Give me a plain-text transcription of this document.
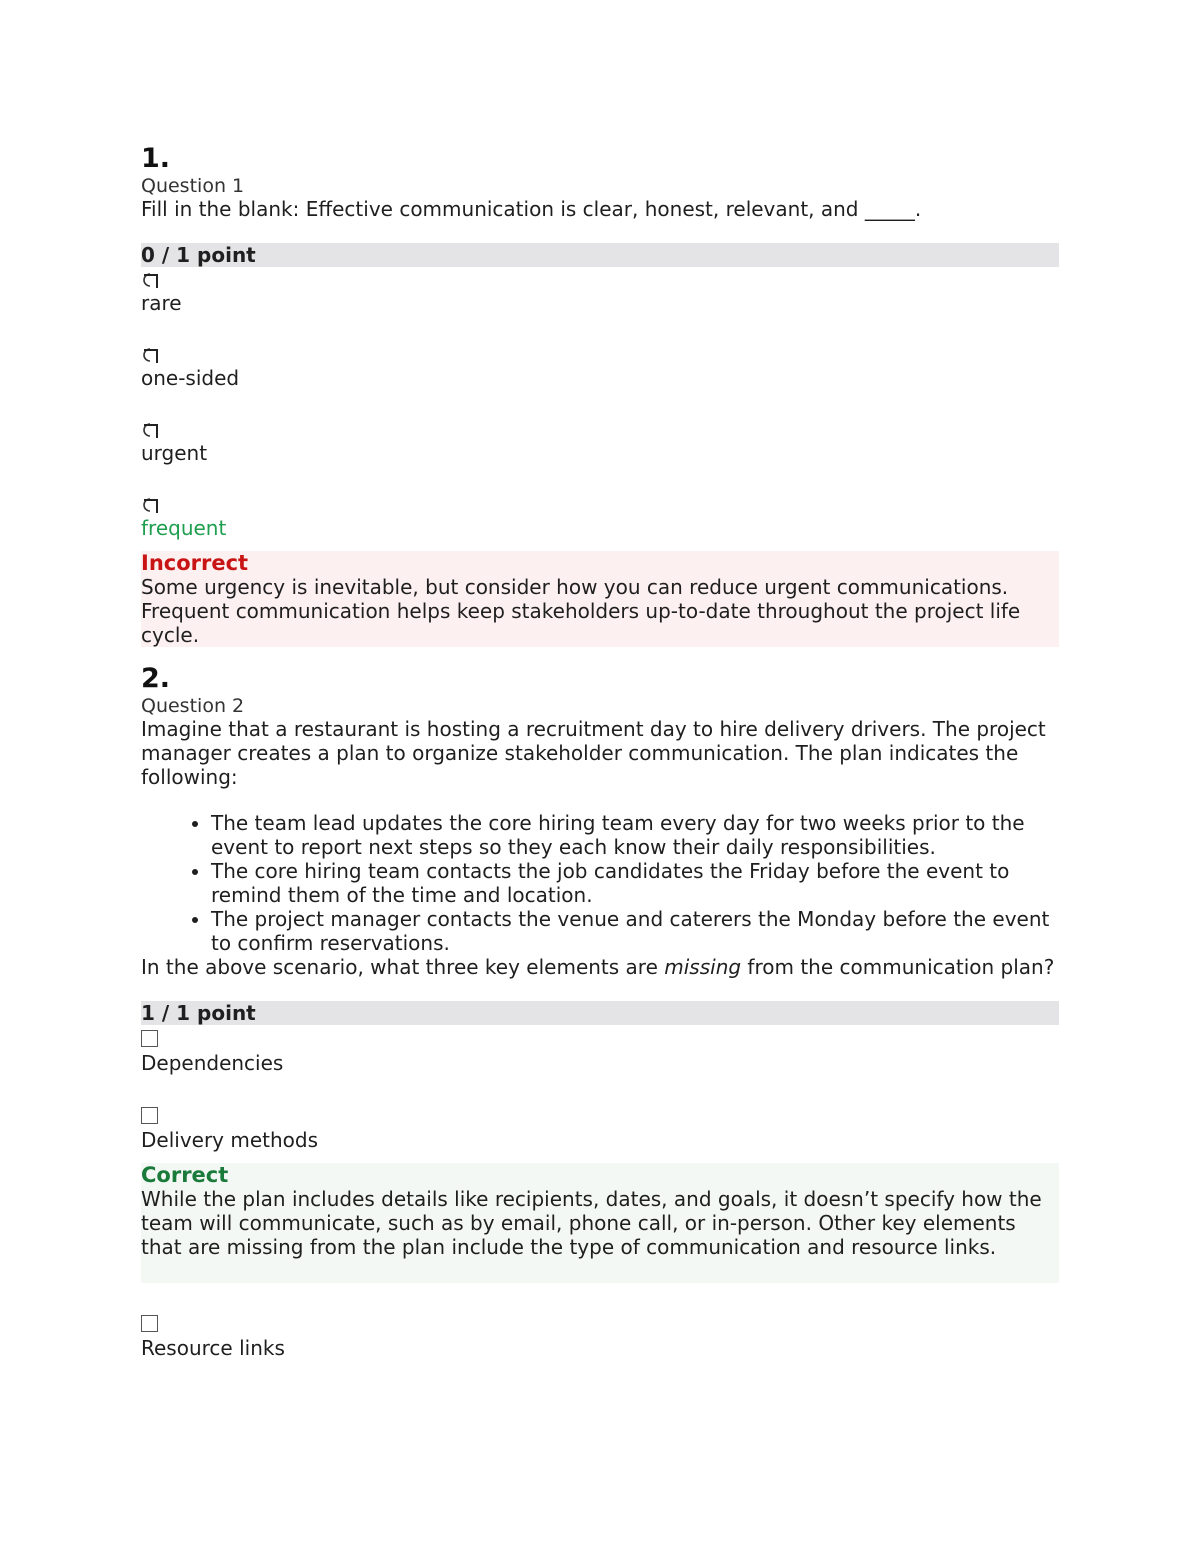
1.
Question 1
Fill in the blank: Effective communication is clear, honest, relevant, and _____.
0 / 1 point
rare
one-sided
urgent
frequent
Incorrect
Some urgency is inevitable, but consider how you can reduce urgent communications. Frequent communication helps keep stakeholders up-to-date throughout the project life cycle.
2.
Question 2
Imagine that a restaurant is hosting a recruitment day to hire delivery drivers. The project manager creates a plan to organize stakeholder communication. The plan indicates the following:
• The team lead updates the core hiring team every day for two weeks prior to the event to report next steps so they each know their daily responsibilities.
• The core hiring team contacts the job candidates the Friday before the event to remind them of the time and location.
• The project manager contacts the venue and caterers the Monday before the event to confirm reservations.
In the above scenario, what three key elements are missing from the communication plan?
1 / 1 point
Dependencies
Delivery methods
Correct
While the plan includes details like recipients, dates, and goals, it doesn’t specify how the team will communicate, such as by email, phone call, or in-person. Other key elements that are missing from the plan include the type of communication and resource links.
Resource links
